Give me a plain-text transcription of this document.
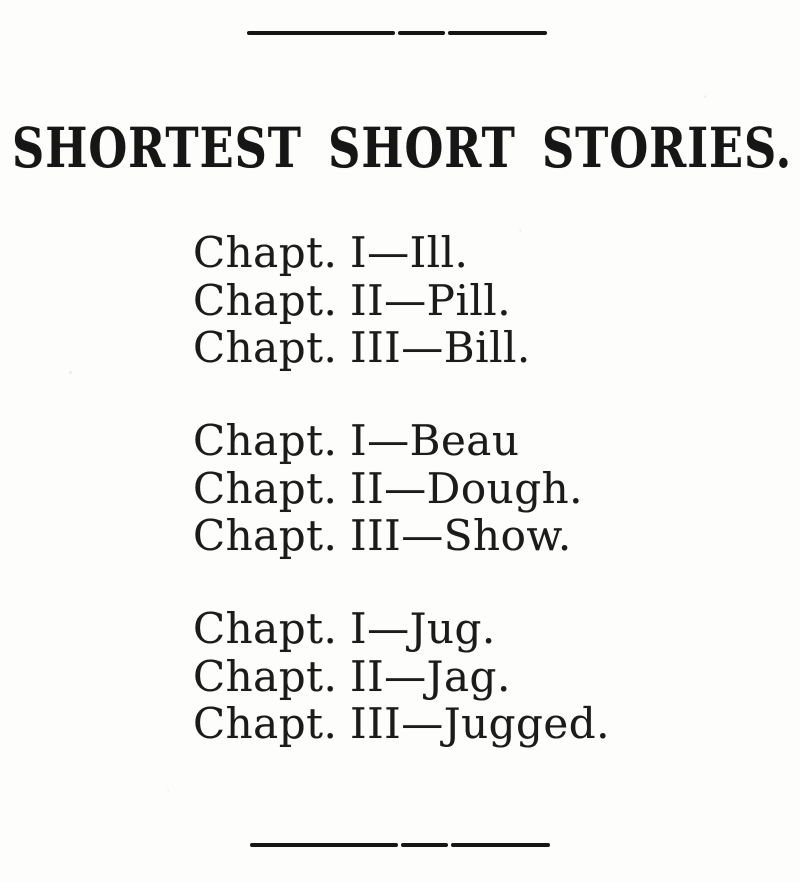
SHORTEST SHORT STORIES.
Chapt. I—Ill.
Chapt. II—Pill.
Chapt. III—Bill.
Chapt. I—Beau
Chapt. II—Dough.
Chapt. III—Show.
Chapt. I—Jug.
Chapt. II—Jag.
Chapt. III—Jugged.
